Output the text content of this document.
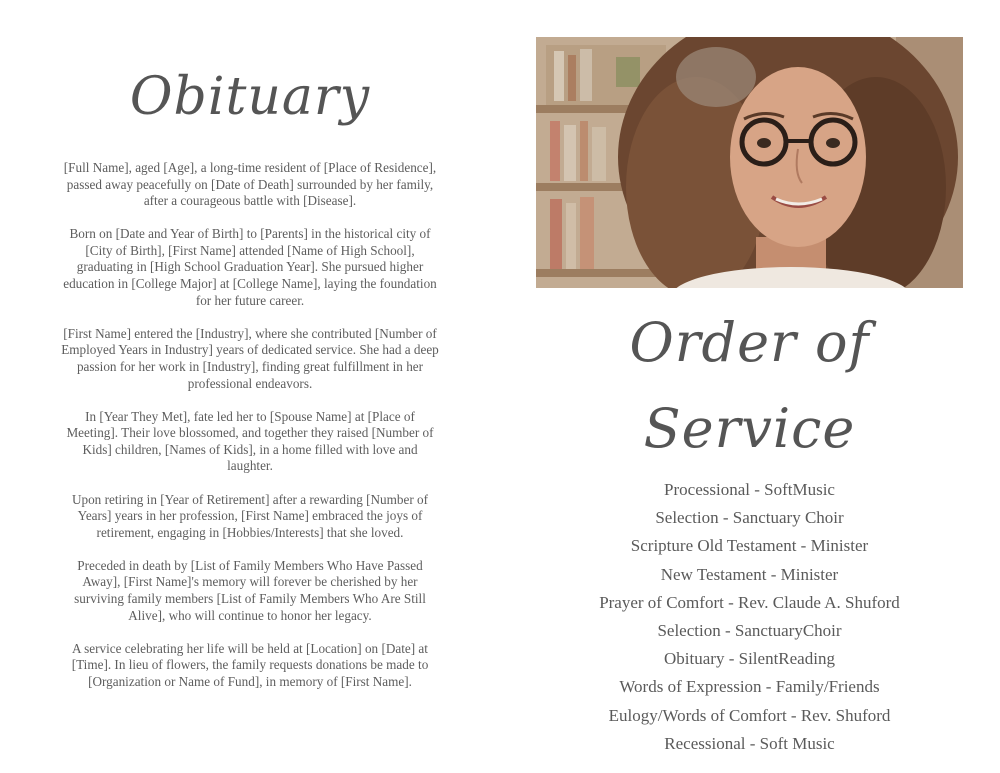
Obituary

[Full Name], aged [Age], a long-time resident of [Place of Residence], passed away peacefully on [Date of Death] surrounded by her family, after a courageous battle with [Disease].

Born on [Date and Year of Birth] to [Parents] in the historical city of [City of Birth], [First Name] attended [Name of High School], graduating in [High School Graduation Year]. She pursued higher education in [College Major] at [College Name], laying the foundation for her future career.

[First Name] entered the [Industry], where she contributed [Number of Employed Years in Industry] years of dedicated service. She had a deep passion for her work in [Industry], finding great fulfillment in her professional endeavors.

In [Year They Met], fate led her to [Spouse Name] at [Place of Meeting]. Their love blossomed, and together they raised [Number of Kids] children, [Names of Kids], in a home filled with love and laughter.

Upon retiring in [Year of Retirement] after a rewarding [Number of Years] years in her profession, [First Name] embraced the joys of retirement, engaging in [Hobbies/Interests] that she loved.

Preceded in death by [List of Family Members Who Have Passed Away], [First Name]'s memory will forever be cherished by her surviving family members [List of Family Members Who Are Still Alive], who will continue to honor her legacy.

A service celebrating her life will be held at [Location] on [Date] at [Time]. In lieu of flowers, the family requests donations be made to [Organization or Name of Fund], in memory of [First Name].

Order of Service
Processional - SoftMusic
Selection - Sanctuary Choir
Scripture Old Testament - Minister
New Testament - Minister
Prayer of Comfort - Rev. Claude A. Shuford
Selection - SanctuaryChoir
Obituary - SilentReading
Words of Expression - Family/Friends
Eulogy/Words of Comfort - Rev. Shuford
Recessional - Soft Music
